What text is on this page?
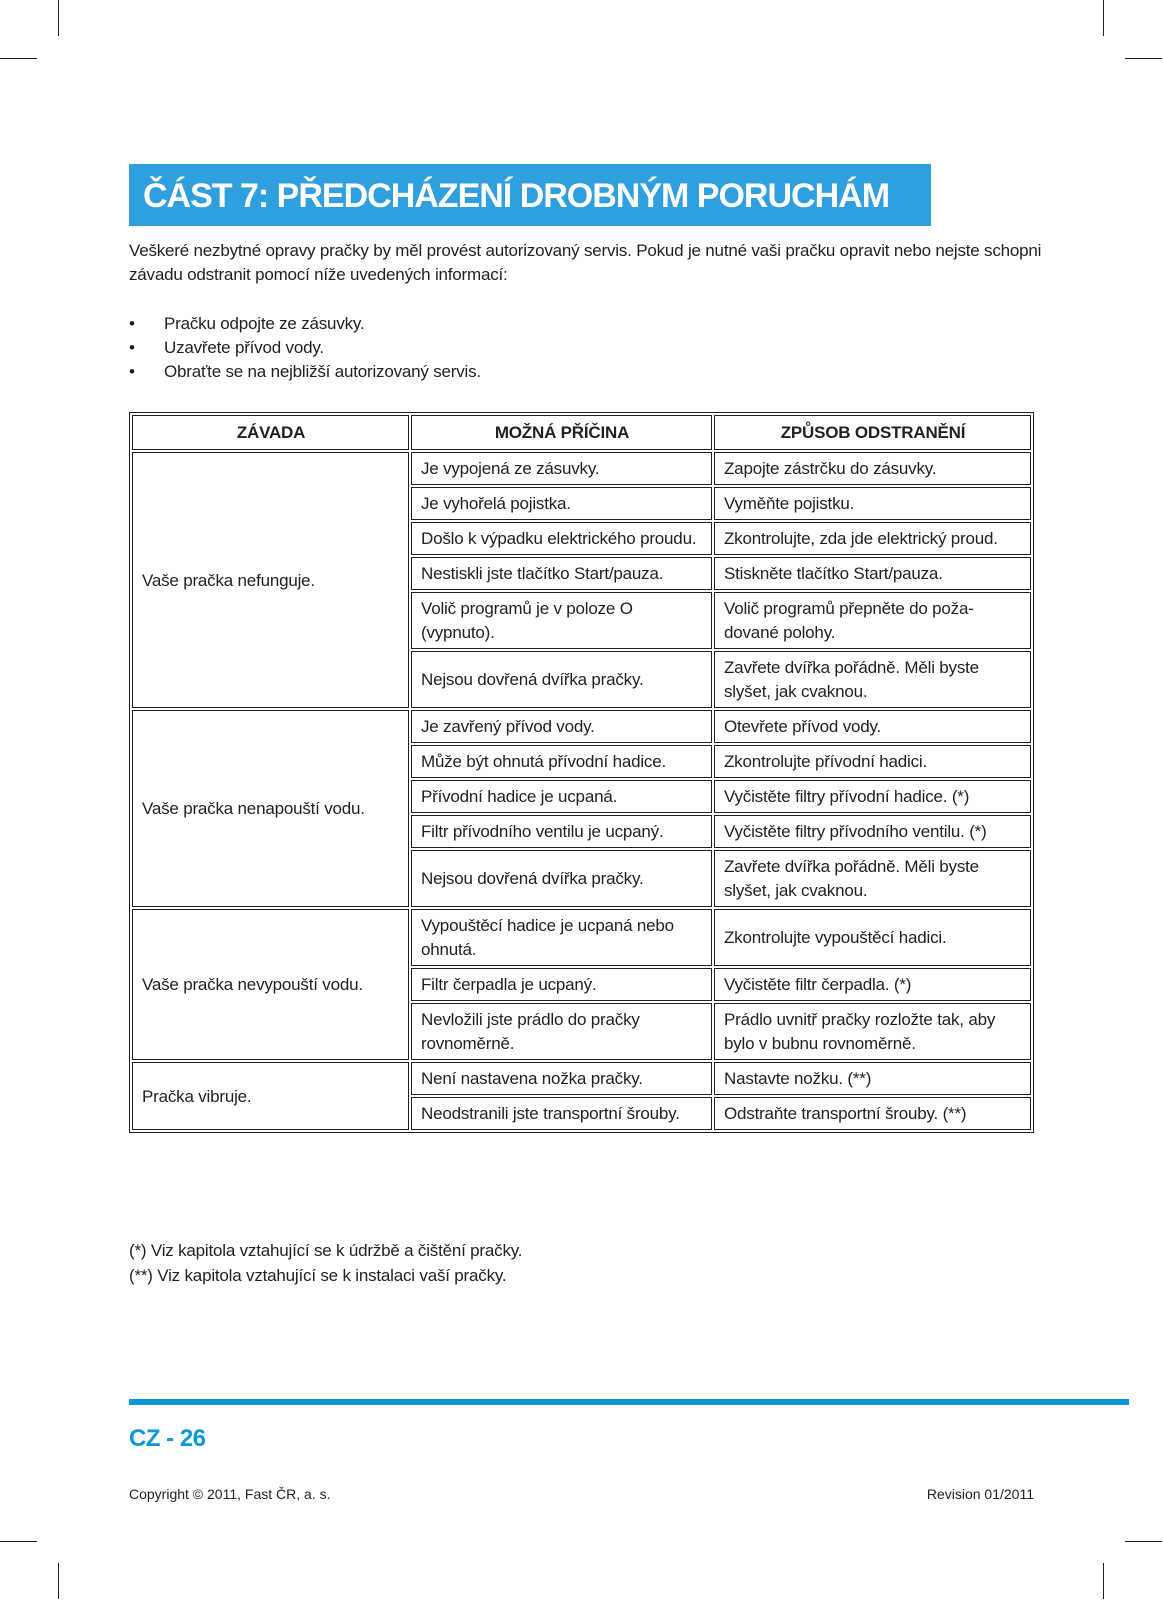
ČÁST 7: PŘEDCHÁZENÍ DROBNÝM PORUCHÁM

Veškeré nezbytné opravy pračky by měl provést autorizovaný servis. Pokud je nutné vaši pračku opravit nebo nejste schopni závadu odstranit pomocí níže uvedených informací:

• Pračku odpojte ze zásuvky.
• Uzavřete přívod vody.
• Obraťte se na nejbližší autorizovaný servis.
ZÁVADA	MOŽNÁ PŘÍČINA	ZPŮSOB ODSTRANĚNÍ
Vaše pračka nefunguje.	Je vypojená ze zásuvky.	Zapojte zástrčku do zásuvky.
	Je vyhořelá pojistka.	Vyměňte pojistku.
	Došlo k výpadku elektrického proudu.	Zkontrolujte, zda jde elektrický proud.
	Nestiskli jste tlačítko Start/pauza.	Stiskněte tlačítko Start/pauza.
	Volič programů je v poloze O (vypnuto).	Volič programů přepněte do poža-dované polohy.
	Nejsou dovřená dvířka pračky.	Zavřete dvířka pořádně. Měli byste slyšet, jak cvaknou.
Vaše pračka nenapouští vodu.	Je zavřený přívod vody.	Otevřete přívod vody.
	Může být ohnutá přívodní hadice.	Zkontrolujte přívodní hadici.
	Přívodní hadice je ucpaná.	Vyčistěte filtry přívodní hadice. (*)
	Filtr přívodního ventilu je ucpaný.	Vyčistěte filtry přívodního ventilu. (*)
	Nejsou dovřená dvířka pračky.	Zavřete dvířka pořádně. Měli byste slyšet, jak cvaknou.
Vaše pračka nevypouští vodu.	Vypouštěcí hadice je ucpaná nebo ohnutá.	Zkontrolujte vypouštěcí hadici.
	Filtr čerpadla je ucpaný.	Vyčistěte filtr čerpadla. (*)
	Nevložili jste prádlo do pračky rovnoměrně.	Prádlo uvnitř pračky rozložte tak, aby bylo v bubnu rovnoměrně.
Pračka vibruje.	Není nastavena nožka pračky.	Nastavte nožku. (**)
	Neodstranili jste transportní šrouby.	Odstraňte transportní šrouby. (**)
(*) Viz kapitola vztahující se k údržbě a čištění pračky.
(**) Viz kapitola vztahující se k instalaci vaší pračky.
CZ - 26
Copyright © 2011, Fast ČR, a. s.	Revision 01/2011
